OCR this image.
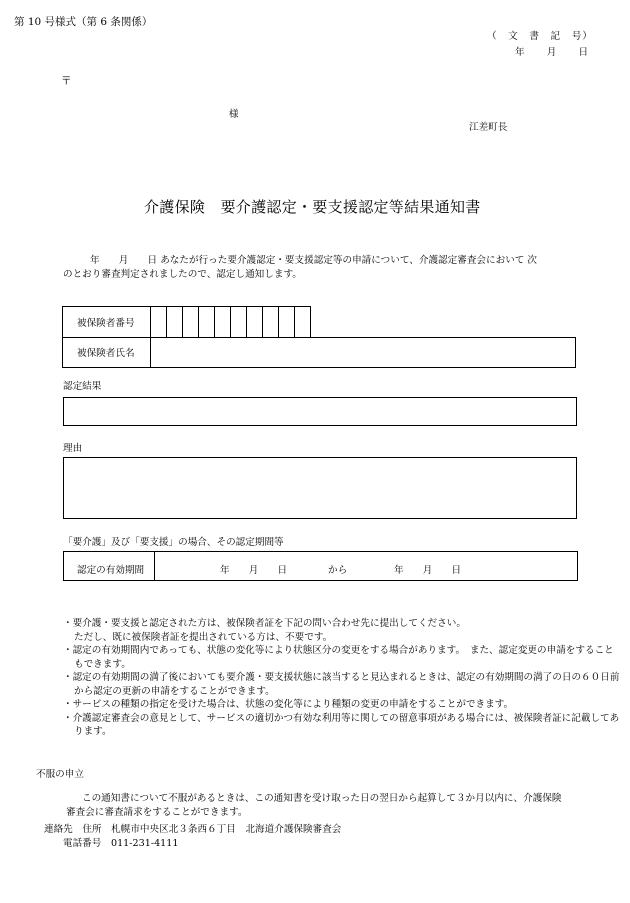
第 10 号様式（第 6 条関係）
（　文　書　記　号）
年　　月　　日
〒
様
江差町長
介護保険　要介護認定・要支援認定等結果通知書
年　　月　　日 あなたが行った要介護認定・要支援認定等の申請について、介護認定審査会において 次
のとおり審査判定されましたので、認定し通知します。
被保険者番号
被保険者氏名
認定結果
理由
「要介護」及び「要支援」の場合、その認定期間等
認定の有効期間	年　　月　　日	から	年　　月　　日
・要介護・要支援と認定された方は、被保険者証を下記の問い合わせ先に提出してください。
ただし、既に被保険者証を提出されている方は、不要です。
・認定の有効期間内であっても、状態の変化等により状態区分の変更をする場合があります。　また、認定変更の申請をすることもできます。
・認定の有効期間の満了後においても要介護・要支援状態に該当すると見込まれるときは、認定の有効期間の満了の日の６０日前から認定の更新の申請をすることができます。
・サービスの種類の指定を受けた場合は、状態の変化等により種類の変更の申請をすることができます。
・介護認定審査会の意見として、サービスの適切かつ有効な利用等に関しての留意事項がある場合には、被保険者証に記載してあります。
不服の申立
この通知書について不服があるときは、この通知書を受け取った日の翌日から起算して３か月以内に、介護保険審査会に審査請求をすることができます。
連絡先　住所　札幌市中央区北３条西６丁目　北海道介護保険審査会
電話番号　011-231-4111
